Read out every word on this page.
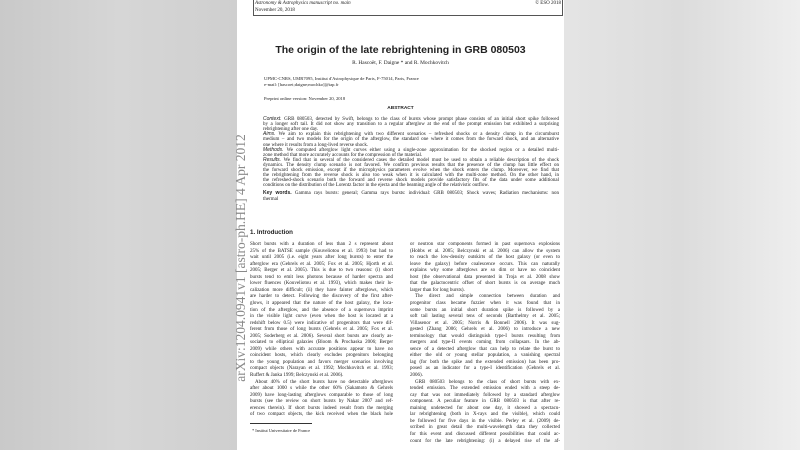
arXiv:1204.0941v1 [astro-ph.HE] 4 Apr 2012
Astronomy & Astrophysics manuscript no. main
November 20, 2018
© ESO 2018
The origin of the late rebrightening in GRB 080503
R. Hascoët, F. Daigne * and R. Mochkovitch
UPMC-CNRS, UMR7095, Institut d'Astrophysique de Paris, F-75014, Paris, France
e-mail: [hascoet;daigne;mochko]@iap.fr
Preprint online version: November 20, 2018
ABSTRACT
Context. GRB 080503, detected by Swift, belongs to the class of bursts whose prompt phase consists of an initial short spike followed
by a longer soft tail. It did not show any transition to a regular afterglow at the end of the prompt emission but exhibited a surprising
rebrightening after one day.
Aims. We aim to explain this rebrightening with two different scenarios – refreshed shocks or a density clump in the circumburst
medium – and two models for the origin of the afterglow, the standard one where it comes from the forward shock, and an alternative
one where it results from a long-lived reverse shock.
Methods. We computed afterglow light curves either using a single-zone approximation for the shocked region or a detailed multi-
zone method that more accurately accounts for the compression of the material.
Results. We find that in several of the considered cases the detailed model must be used to obtain a reliable description of the shock
dynamics. The density clump scenario is not favored. We confirm previous results that the presence of the clump has little effect on
the forward shock emission, except if the microphysics parameters evolve when the shock enters the clump. Moreover, we find that
the rebrightening from the reverse shock is also too weak when it is calculated with the multi-zone method. On the other hand, in
the refreshed-shock scenario both the forward and reverse shock models provide satisfactory fits of the data under some additional
conditions on the distribution of the Lorentz factor in the ejecta and the beaming angle of the relativistic outflow.
Key words. Gamma rays bursts: general; Gamma rays bursts: individual: GRB 080503; Shock waves; Radiation mechanisms: non
thermal
1. Introduction
Short bursts with a duration of less than 2 s represent about
25% of the BATSE sample (Kouveliotou et al. 1993) but had to
wait until 2005 (i.e. eight years after long bursts) to enter the
afterglow era (Gehrels et al. 2005; Fox et al. 2005; Hjorth et al.
2005; Berger et al. 2005). This is due to two reasons: (i) short
bursts tend to emit less photons because of harder spectra and
lower fluences (Kouveliotou et al. 1993), which makes their lo-
calization more difficult; (ii) they have fainter afterglows, which
are harder to detect. Following the discovery of the first after-
glows, it appeared that the nature of the host galaxy, the loca-
tion of the afterglow, and the absence of a supernova imprint
in the visible light curve (even when the host is located at a
redshift below 0.5) were indicative of progenitors that were dif-
ferent from those of long bursts (Gehrels et al. 2005; Fox et al.
2005; Soderberg et al. 2006). Several short bursts are clearly as-
sociated to elliptical galaxies (Bloom & Prochaska 2006; Berger
2009) while others with accurate positions appear to have no
coincident hosts, which clearly excludes progenitors belonging
to the young population and favors merger scenarios involving
compact objects (Narayan et al. 1992; Mochkovitch et al. 1993;
Ruffert & Janka 1999; Belczynski et al. 2006).
About 40% of the short bursts have no detectable afterglows
after about 1000 s while the other 60% (Sakamoto & Gehrels
2009) have long-lasting afterglows comparable to those of long
bursts (see the review on short bursts by Nakar 2007 and ref-
erences therein). If short bursts indeed result from the merging
of two compact objects, the kick received when the black hole
or neutron star components formed in past supernova explosions
(Hobbs et al. 2005; Belczynski et al. 2006) can allow the system
to reach the low-density outskirts of the host galaxy (or even to
leave the galaxy) before coalescence occurs. This can naturally
explains why some afterglows are so dim or have no coincident
host (the observational data presented in Troja et al. 2008 show
that the galactocentric offset of short bursts is on average much
larger than for long bursts).
The direct and simple connection between duration and
progenitor class became fuzzier when it was found that in
some bursts an initial short duration spike is followed by a
soft tail lasting several tens of seconds (Barthelmy et al. 2005;
Villasenor et al. 2005; Norris & Bonnell 2006). It was sug-
gested (Zhang 2006; Gehrels et al. 2006) to introduce a new
terminology that would distinguish type-I bursts resulting from
mergers and type-II events coming from collapsars. In the ab-
sence of a detected afterglow that can help to relate the burst to
either the old or young stellar population, a vanishing spectral
lag (for both the spike and the extended emission) has been pro-
posed as an indicator for a type-I identification (Gehrels et al.
2006).
GRB 080503 belongs to the class of short bursts with ex-
tended emission. The extended emission ended with a steep de-
cay that was not immediately followed by a standard afterglow
component. A peculiar feature in GRB 080503 is that after re-
maining undetected for about one day, it showed a spectacu-
lar rebrightening (both in X-rays and the visible), which could
be followed for five days in the visible. Perley et al. (2009) de-
scribed in great detail the multi-wavelength data they collected
for this event and discussed different possibilities that could ac-
count for the late rebrightening: (i) a delayed rise of the af-
* Institut Universitaire de France
